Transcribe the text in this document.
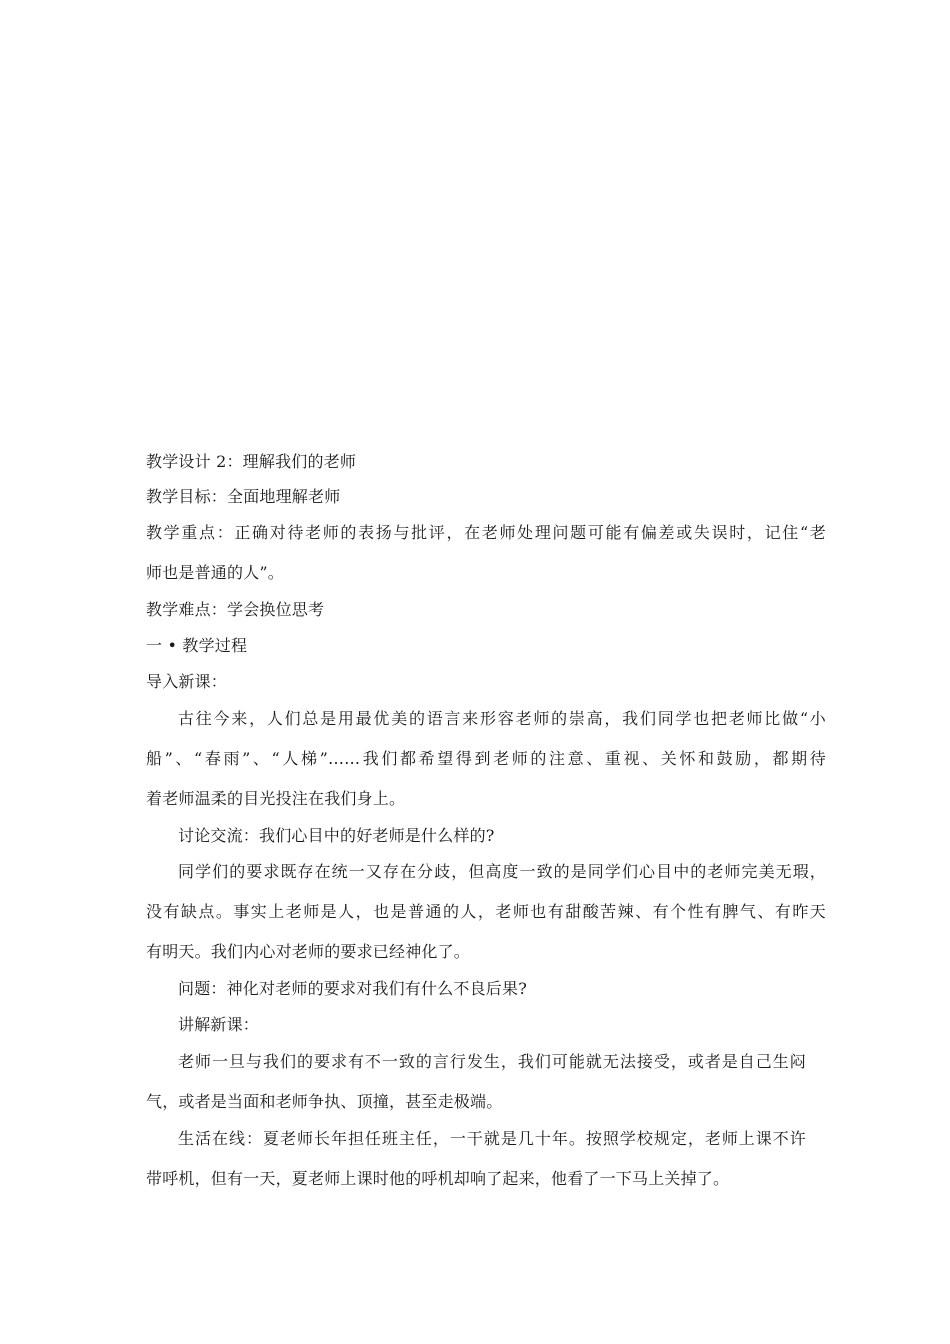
教学设计 2：理解我们的老师
教学目标：全面地理解老师
教学重点：正确对待老师的表扬与批评，在老师处理问题可能有偏差或失误时，记住“老
师也是普通的人”。
教学难点：学会换位思考
一 • 教学过程
导入新课：
古往今来，人们总是用最优美的语言来形容老师的崇高，我们同学也把老师比做“小
船”、“春雨”、“人梯”……我们都希望得到老师的注意、重视、关怀和鼓励，都期待
着老师温柔的目光投注在我们身上。
讨论交流：我们心目中的好老师是什么样的?
同学们的要求既存在统一又存在分歧，但高度一致的是同学们心目中的老师完美无瑕，
没有缺点。事实上老师是人，也是普通的人，老师也有甜酸苦辣、有个性有脾气、有昨天
有明天。我们内心对老师的要求已经神化了。
问题：神化对老师的要求对我们有什么不良后果?
讲解新课：
老师一旦与我们的要求有不一致的言行发生，我们可能就无法接受，或者是自己生闷
气，或者是当面和老师争执、顶撞，甚至走极端。
生活在线：夏老师长年担任班主任，一干就是几十年。按照学校规定，老师上课不许
带呼机，但有一天，夏老师上课时他的呼机却响了起来，他看了一下马上关掉了。
